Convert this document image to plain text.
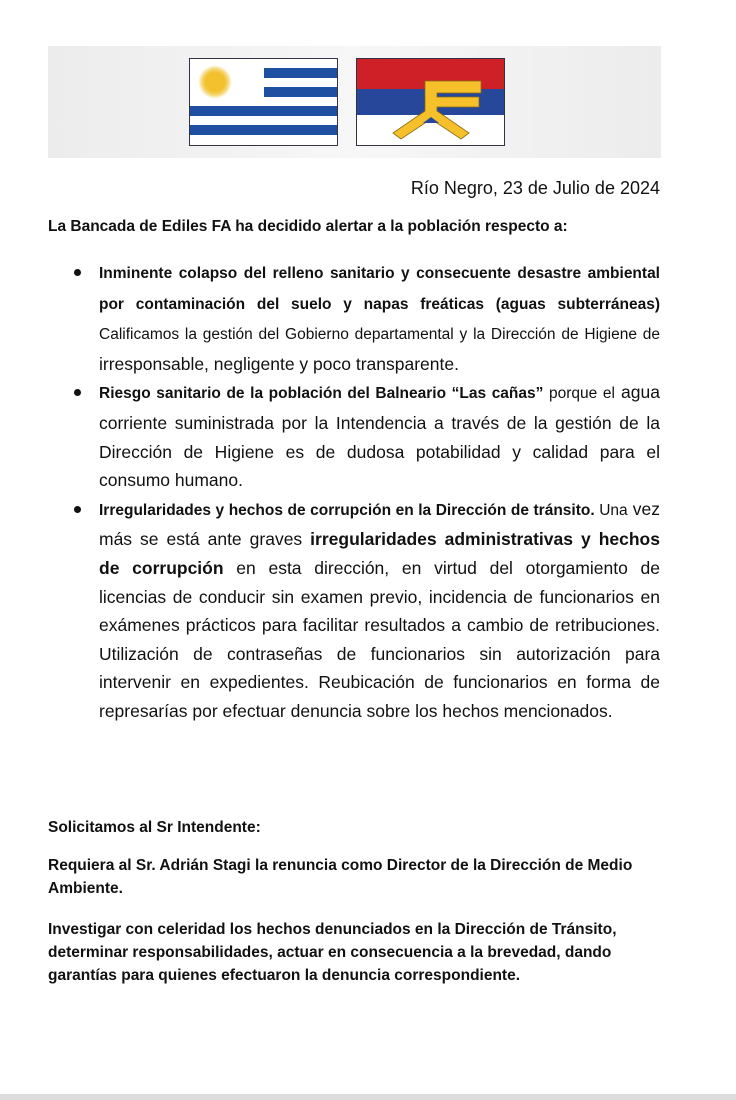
Río Negro, 23 de Julio de 2024
La Bancada de Ediles FA ha decidido alertar a la población respecto a:
Inminente colapso del relleno sanitario y consecuente desastre ambiental por contaminación del suelo y napas freáticas (aguas subterráneas) Calificamos la gestión del Gobierno departamental y la Dirección de Higiene de irresponsable, negligente y poco transparente.
Riesgo sanitario de la población del Balneario “Las cañas” porque el agua corriente suministrada por la Intendencia a través de la gestión de la Dirección de Higiene es de dudosa potabilidad y calidad para el consumo humano.
Irregularidades y hechos de corrupción en la Dirección de tránsito. Una vez más se está ante graves irregularidades administrativas y hechos de corrupción en esta dirección, en virtud del otorgamiento de licencias de conducir sin examen previo, incidencia de funcionarios en exámenes prácticos para facilitar resultados a cambio de retribuciones. Utilización de contraseñas de funcionarios sin autorización para intervenir en expedientes. Reubicación de funcionarios en forma de represarías por efectuar denuncia sobre los hechos mencionados.
Solicitamos al Sr Intendente:
Requiera al Sr. Adrián Stagi la renuncia como Director de la Dirección de Medio Ambiente.
Investigar con celeridad los hechos denunciados en la Dirección de Tránsito, determinar responsabilidades, actuar en consecuencia a la brevedad, dando garantías para quienes efectuaron la denuncia correspondiente.
